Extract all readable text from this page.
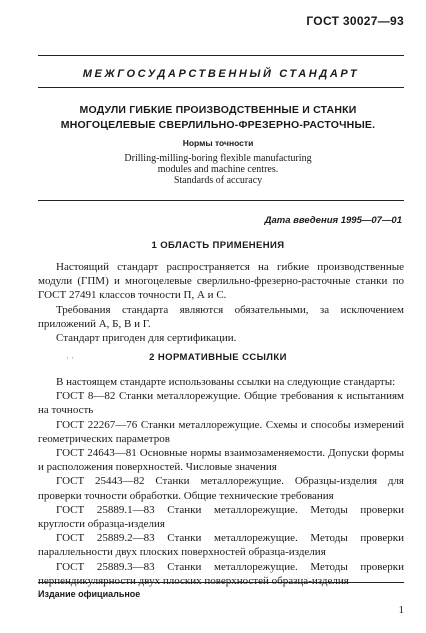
ГОСТ 30027—93
МЕЖГОСУДАРСТВЕННЫЙ СТАНДАРТ
МОДУЛИ ГИБКИЕ ПРОИЗВОДСТВЕННЫЕ И СТАНКИ
МНОГОЦЕЛЕВЫЕ СВЕРЛИЛЬНО-ФРЕЗЕРНО-РАСТОЧНЫЕ.
Нормы точности
Drilling-milling-boring flexible manufacturing
modules and machine centres.
Standards of accuracy
Дата введения 1995—07—01
1 ОБЛАСТЬ ПРИМЕНЕНИЯ

Настоящий стандарт распространяется на гибкие производственные модули (ГПМ) и многоцелевые сверлильно-фрезерно-расточные станки по ГОСТ 27491 классов точности П, А и С.

Требования стандарта являются обязательными, за исключением приложений А, Б, В и Г.

Стандарт пригоден для сертификации.

· ·	2 НОРМАТИВНЫЕ ССЫЛКИ

В настоящем стандарте использованы ссылки на следующие стандарты:

ГОСТ 8—82 Станки металлорежущие. Общие требования к испытаниям на точность

ГОСТ 22267—76 Станки металлорежущие. Схемы и способы измерений геометрических параметров

ГОСТ 24643—81 Основные нормы взаимозаменяемости. Допуски формы и расположения поверхностей. Числовые значения

ГОСТ 25443—82 Станки металлорежущие. Образцы-изделия для проверки точности обработки. Общие технические требования

ГОСТ 25889.1—83 Станки металлорежущие. Методы проверки круглости образца-изделия

ГОСТ 25889.2—83 Станки металлорежущие. Методы проверки параллельности двух плоских поверхностей образца-изделия

ГОСТ 25889.3—83 Станки металлорежущие. Методы проверки перпендикулярности двух плоских поверхностей образца-изделия

Издание официальное
1
